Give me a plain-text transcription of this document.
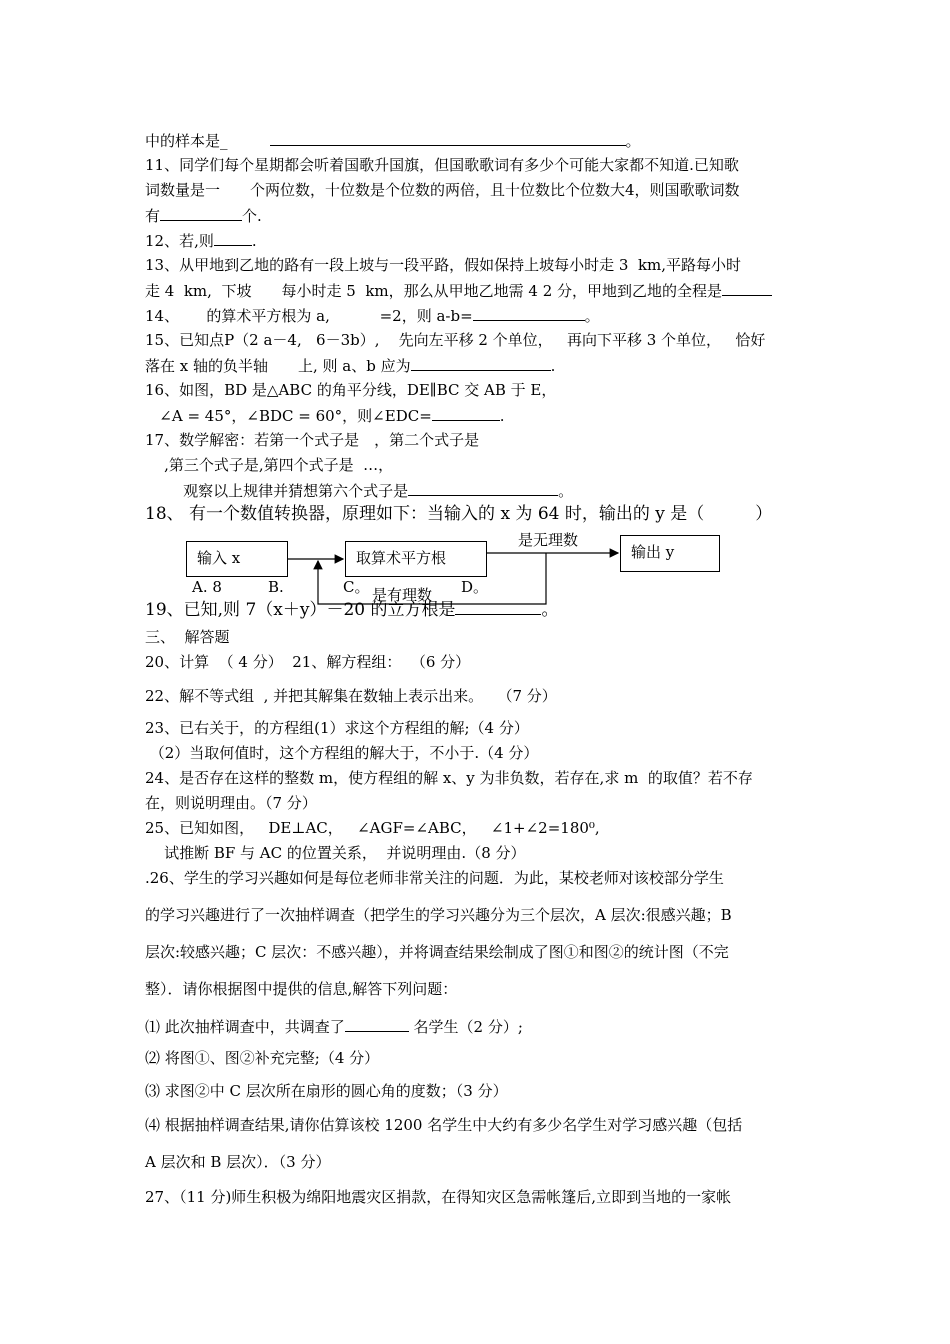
中的样本是_	。
11、同学们每个星期都会听着国歌升国旗，但国歌歌词有多少个可能大家都不知道.已知歌
词数量是一　　个两位数，十位数是个位数的两倍，且十位数比个位数大4，则国歌歌词数
有	个.
12、若,则	.
13、从甲地到乙地的路有一段上坡与一段平路，假如保持上坡每小时走 3  km,平路每小时
走 4  km,  下坡　　每小时走 5  km，那么从甲地乙地需 4 2 分，甲地到乙地的全程是
14、　　 的算术平方根为 a,　　　 =2，则 a-b=	。
15、已知点P（2 a－4,   6－3b）,    先向左平移 2 个单位，   再向下平移 3 个单位，   恰好
落在 x 轴的负半轴　　上, 则 a、b 应为	.
16、如图，BD 是△ABC 的角平分线，DE∥BC 交 AB 于 E，
∠A = 45°，∠BDC = 60°，则∠EDC=	.
17、数学解密：若第一个式子是　，第二个式子是
,第三个式子是,第四个式子是  …，
观察以上规律并猜想第六个式子是	。
18、 有一个数值转换器，原理如下：当输入的 x 为 64 时，输出的 y 是（　　　）
输入 x	取算术平方根	输出 y
是无理数
A. 8	B.	C。 是有理数 D。
19、已知,则 7（x＋y）－20 的立方根是	。
三、  解答题
20、计算  （ 4 分）  21、解方程组：  （6 分）
22、解不等式组  , 并把其解集在数轴上表示出来。   （7 分）
23、已右关于，的方程组(1）求这个方程组的解;（4 分）
（2）当取何值时，这个方程组的解大于，不小于.（4 分）
24、是否存在这样的整数 m，使方程组的解 x、y 为非负数，若存在,求 m  的取值？若不存
在，则说明理由。（7 分）
25、已知如图，   DE⊥AC，   ∠AGF=∠ABC，   ∠1+∠2=180⁰,
试推断 BF 与 AC 的位置关系，  并说明理由.（8 分）
.26、学生的学习兴趣如何是每位老师非常关注的问题．为此，某校老师对该校部分学生
的学习兴趣进行了一次抽样调查（把学生的学习兴趣分为三个层次，A 层次:很感兴趣；B
层次:较感兴趣；C 层次：不感兴趣），并将调查结果绘制成了图①和图②的统计图（不完
整）．请你根据图中提供的信息,解答下列问题：
⑴ 此次抽样调查中，共调查了	名学生（2 分）;
⑵ 将图①、图②补充完整;（4 分）
⑶ 求图②中 C 层次所在扇形的圆心角的度数；（3 分）
⑷ 根据抽样调查结果,请你估算该校 1200 名学生中大约有多少名学生对学习感兴趣（包括
A 层次和 B 层次）．（3 分）
27、（11 分)师生积极为绵阳地震灾区捐款，在得知灾区急需帐篷后,立即到当地的一家帐
